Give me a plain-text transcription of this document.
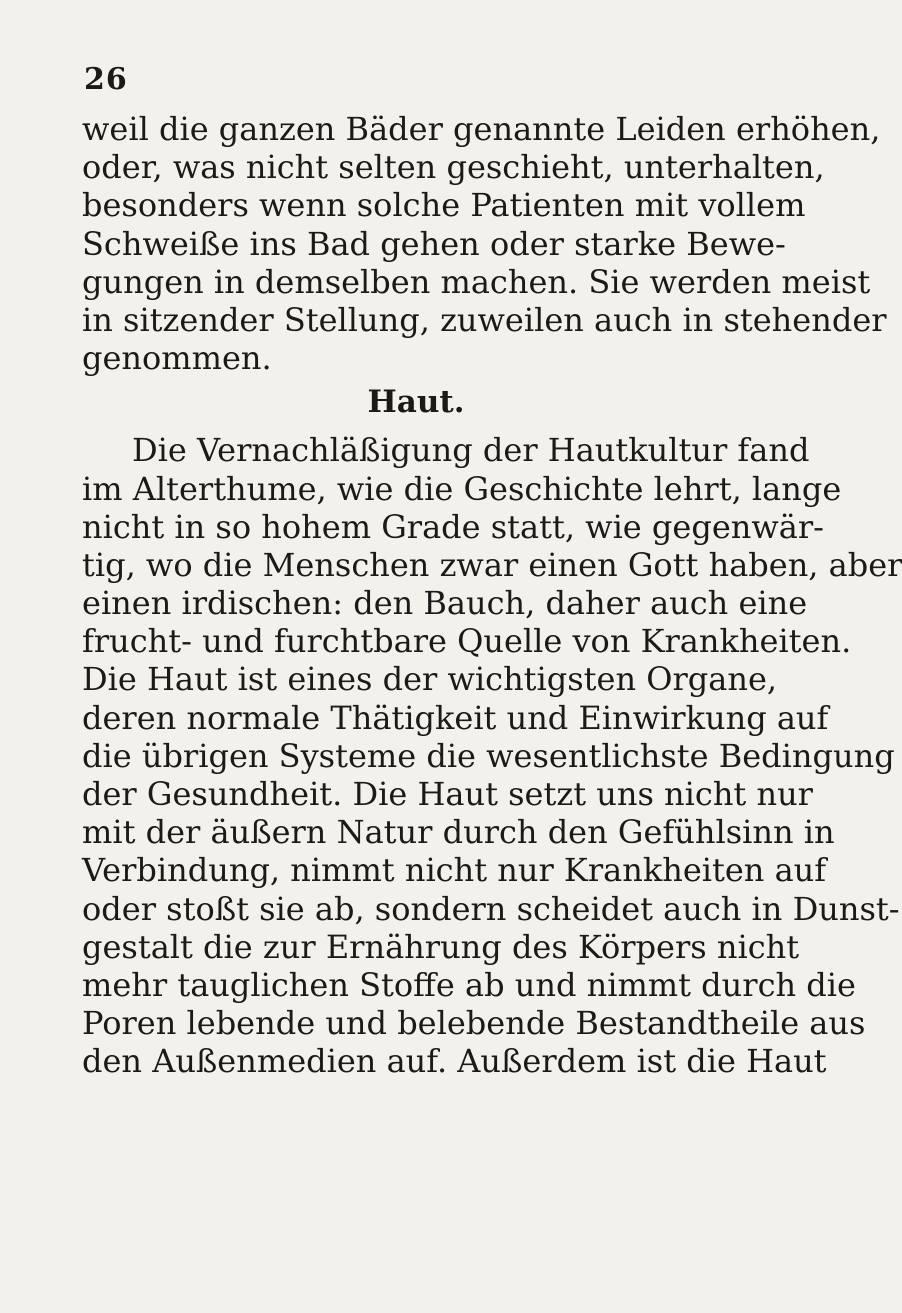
26
weil die ganzen Bäder genannte Leiden erhöhen,
oder, was nicht selten geschieht, unterhalten,
besonders wenn solche Patienten mit vollem
Schweiße ins Bad gehen oder starke Bewe-
gungen in demselben machen. Sie werden meist
in sitzender Stellung, zuweilen auch in stehender
genommen.
Haut.
Die Vernachläßigung der Hautkultur fand
im Alterthume, wie die Geschichte lehrt, lange
nicht in so hohem Grade statt, wie gegenwär-
tig, wo die Menschen zwar einen Gott haben, aber
einen irdischen: den Bauch, daher auch eine
frucht- und furchtbare Quelle von Krankheiten.
Die Haut ist eines der wichtigsten Organe,
deren normale Thätigkeit und Einwirkung auf
die übrigen Systeme die wesentlichste Bedingung
der Gesundheit. Die Haut setzt uns nicht nur
mit der äußern Natur durch den Gefühlsinn in
Verbindung, nimmt nicht nur Krankheiten auf
oder stoßt sie ab, sondern scheidet auch in Dunst-
gestalt die zur Ernährung des Körpers nicht
mehr tauglichen Stoffe ab und nimmt durch die
Poren lebende und belebende Bestandtheile aus
den Außenmedien auf. Außerdem ist die Haut
